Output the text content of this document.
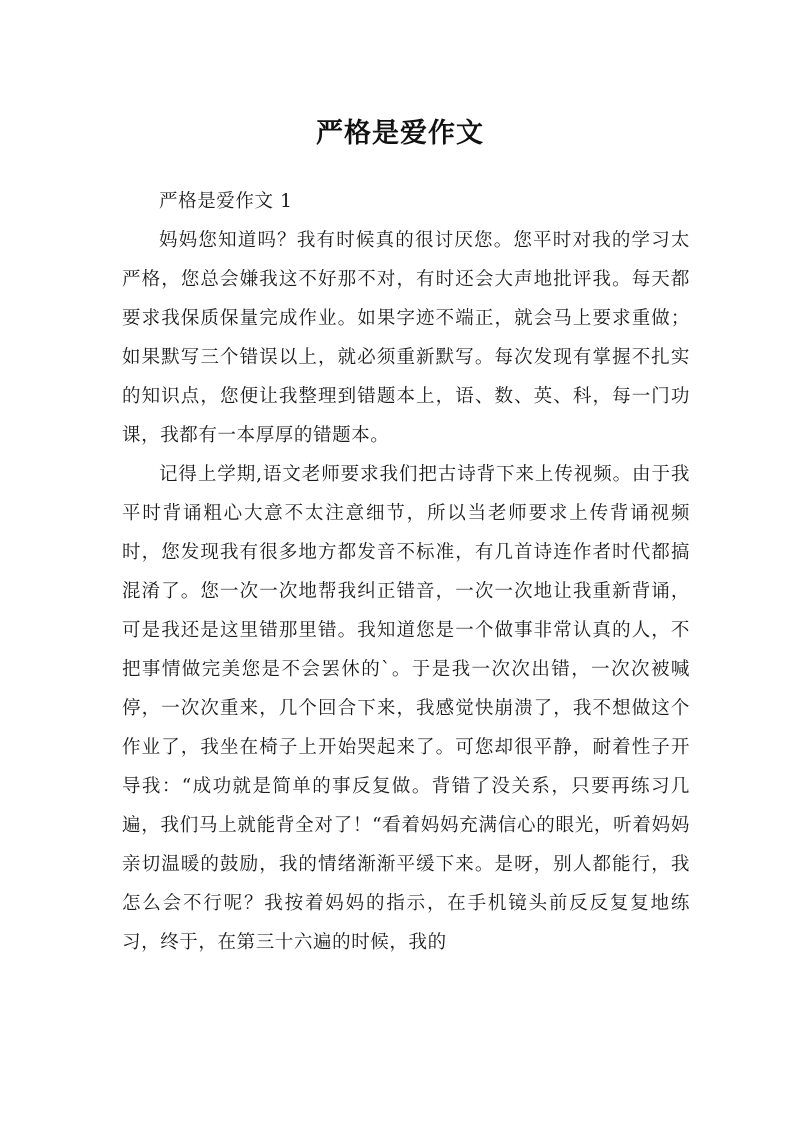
严格是爱作文

严格是爱作文 1

妈妈您知道吗？我有时候真的很讨厌您。您平时对我的学习太严格，您总会嫌我这不好那不对，有时还会大声地批评我。每天都要求我保质保量完成作业。如果字迹不端正，就会马上要求重做；如果默写三个错误以上，就必须重新默写。每次发现有掌握不扎实的知识点，您便让我整理到错题本上，语、数、英、科，每一门功课，我都有一本厚厚的错题本。

记得上学期,语文老师要求我们把古诗背下来上传视频。由于我平时背诵粗心大意不太注意细节，所以当老师要求上传背诵视频时，您发现我有很多地方都发音不标准，有几首诗连作者时代都搞混淆了。您一次一次地帮我纠正错音，一次一次地让我重新背诵，可是我还是这里错那里错。我知道您是一个做事非常认真的人，不把事情做完美您是不会罢休的`。于是我一次次出错，一次次被喊停，一次次重来，几个回合下来，我感觉快崩溃了，我不想做这个作业了，我坐在椅子上开始哭起来了。可您却很平静，耐着性子开导我：“成功就是简单的事反复做。背错了没关系，只要再练习几遍，我们马上就能背全对了！“看着妈妈充满信心的眼光，听着妈妈亲切温暖的鼓励，我的情绪渐渐平缓下来。是呀，别人都能行，我怎么会不行呢？我按着妈妈的指示，在手机镜头前反反复复地练习，终于，在第三十六遍的时候，我的
